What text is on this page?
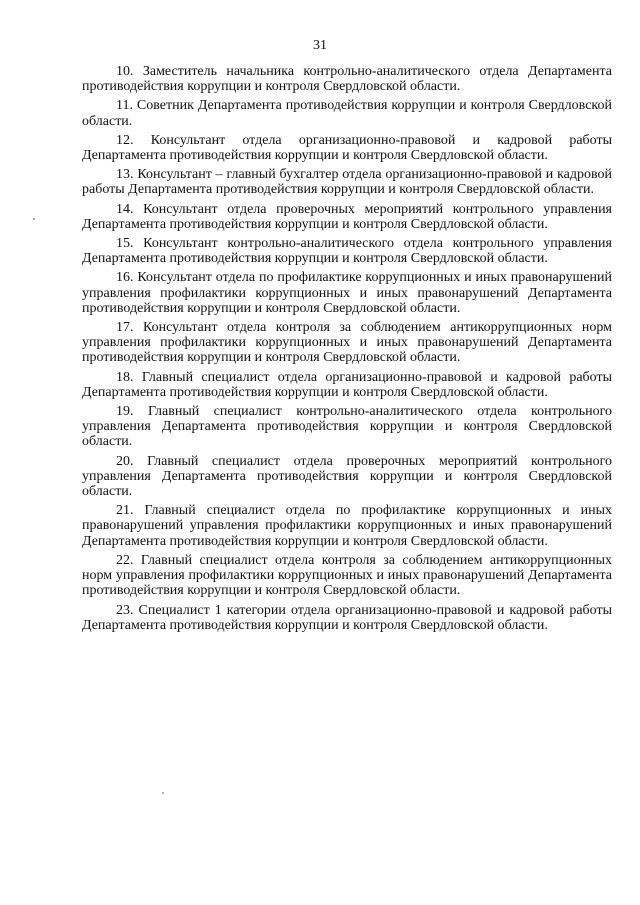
31

10. Заместитель начальника контрольно-аналитического отдела Департамента противодействия коррупции и контроля Свердловской области.

11. Советник Департамента противодействия коррупции и контроля Свердловской области.

12. Консультант отдела организационно-правовой и кадровой работы Департамента противодействия коррупции и контроля Свердловской области.

13. Консультант – главный бухгалтер отдела организационно-правовой и кадровой работы Департамента противодействия коррупции и контроля Свердловской области.

14. Консультант отдела проверочных мероприятий контрольного управления Департамента противодействия коррупции и контроля Свердловской области.

15. Консультант контрольно-аналитического отдела контрольного управления Департамента противодействия коррупции и контроля Свердловской области.

16. Консультант отдела по профилактике коррупционных и иных правонарушений управления профилактики коррупционных и иных правонарушений Департамента противодействия коррупции и контроля Свердловской области.

17. Консультант отдела контроля за соблюдением антикоррупционных норм управления профилактики коррупционных и иных правонарушений Департамента противодействия коррупции и контроля Свердловской области.

18. Главный специалист отдела организационно-правовой и кадровой работы Департамента противодействия коррупции и контроля Свердловской области.

19. Главный специалист контрольно-аналитического отдела контрольного управления Департамента противодействия коррупции и контроля Свердловской области.

20. Главный специалист отдела проверочных мероприятий контрольного управления Департамента противодействия коррупции и контроля Свердловской области.

21. Главный специалист отдела по профилактике коррупционных и иных правонарушений управления профилактики коррупционных и иных правонарушений Департамента противодействия коррупции и контроля Свердловской области.

22. Главный специалист отдела контроля за соблюдением антикоррупционных норм управления профилактики коррупционных и иных правонарушений Департамента противодействия коррупции и контроля Свердловской области.

23. Специалист 1 категории отдела организационно-правовой и кадровой работы Департамента противодействия коррупции и контроля Свердловской области.
